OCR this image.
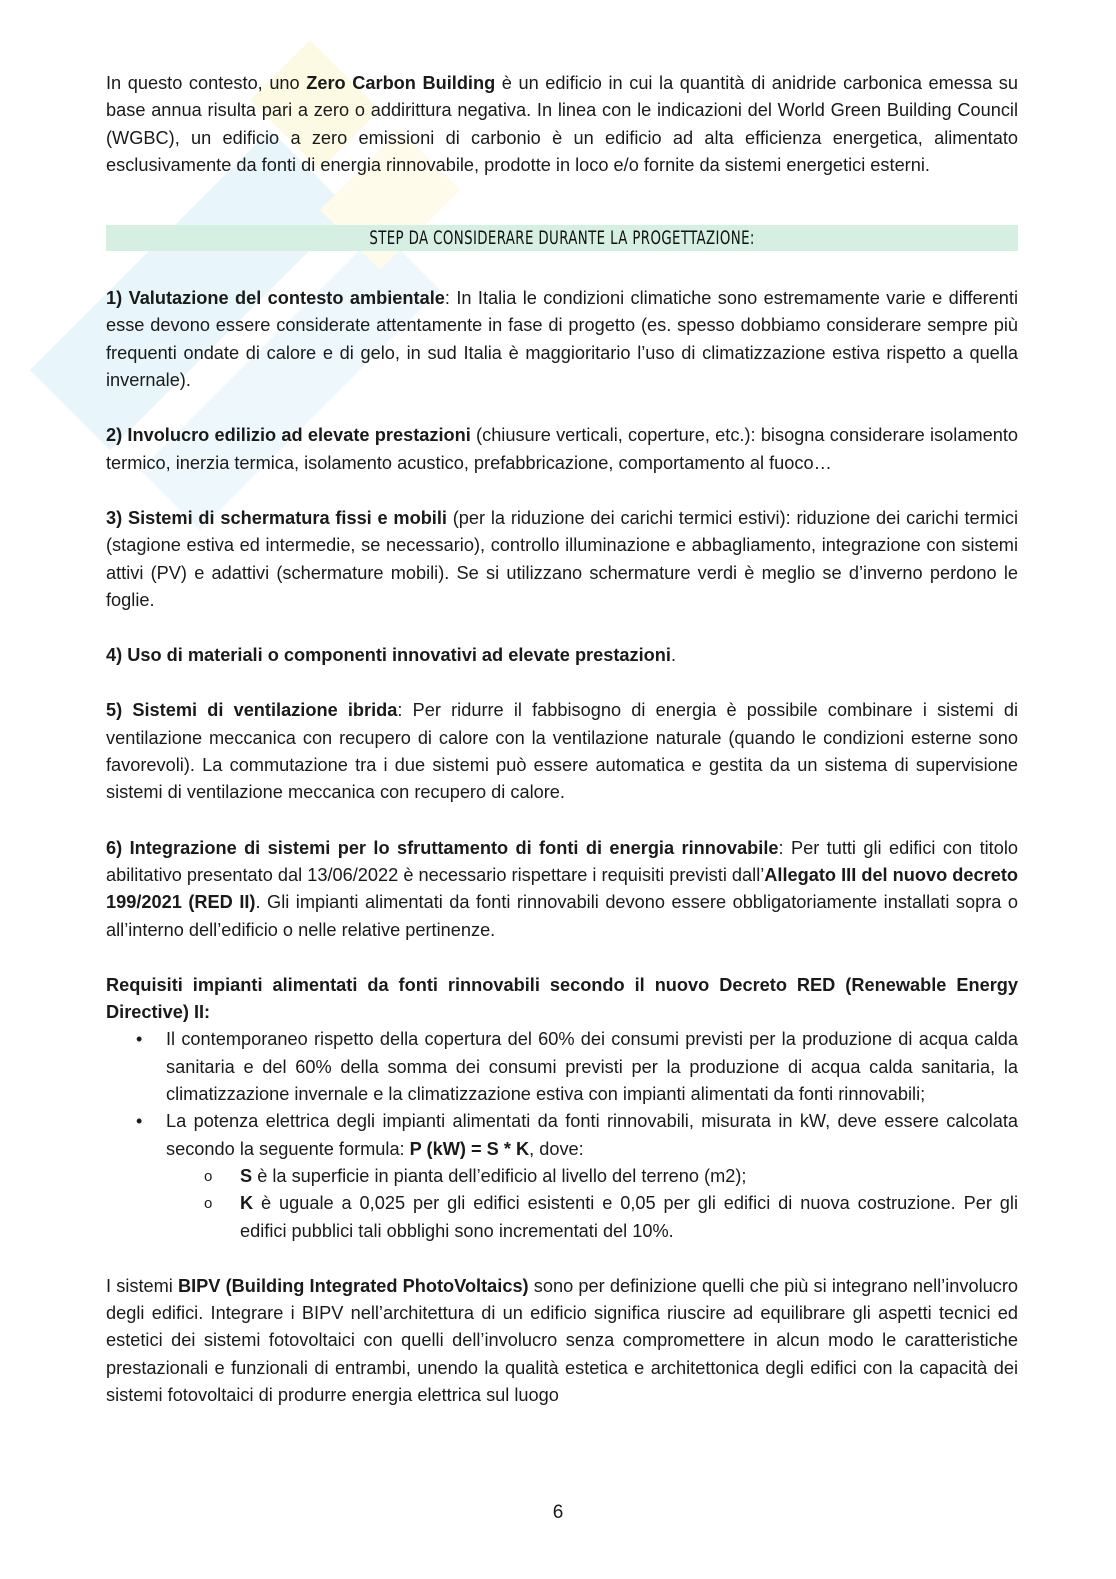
In questo contesto, uno Zero Carbon Building è un edificio in cui la quantità di anidride carbonica emessa su base annua risulta pari a zero o addirittura negativa. In linea con le indicazioni del World Green Building Council (WGBC), un edificio a zero emissioni di carbonio è un edificio ad alta efficienza energetica, alimentato esclusivamente da fonti di energia rinnovabile, prodotte in loco e/o fornite da sistemi energetici esterni.

STEP DA CONSIDERARE DURANTE LA PROGETTAZIONE:

1) Valutazione del contesto ambientale: In Italia le condizioni climatiche sono estremamente varie e differenti esse devono essere considerate attentamente in fase di progetto (es. spesso dobbiamo considerare sempre più frequenti ondate di calore e di gelo, in sud Italia è maggioritario l’uso di climatizzazione estiva rispetto a quella invernale).

2) Involucro edilizio ad elevate prestazioni (chiusure verticali, coperture, etc.): bisogna considerare isolamento termico, inerzia termica, isolamento acustico, prefabbricazione, comportamento al fuoco…

3) Sistemi di schermatura fissi e mobili (per la riduzione dei carichi termici estivi): riduzione dei carichi termici (stagione estiva ed intermedie, se necessario), controllo illuminazione e abbagliamento, integrazione con sistemi attivi (PV) e adattivi (schermature mobili). Se si utilizzano schermature verdi è meglio se d’inverno perdono le foglie.

4) Uso di materiali o componenti innovativi ad elevate prestazioni.

5) Sistemi di ventilazione ibrida: Per ridurre il fabbisogno di energia è possibile combinare i sistemi di ventilazione meccanica con recupero di calore con la ventilazione naturale (quando le condizioni esterne sono favorevoli). La commutazione tra i due sistemi può essere automatica e gestita da un sistema di supervisione sistemi di ventilazione meccanica con recupero di calore.

6) Integrazione di sistemi per lo sfruttamento di fonti di energia rinnovabile: Per tutti gli edifici con titolo abilitativo presentato dal 13/06/2022 è necessario rispettare i requisiti previsti dall’Allegato III del nuovo decreto 199/2021 (RED II). Gli impianti alimentati da fonti rinnovabili devono essere obbligatoriamente installati sopra o all’interno dell’edificio o nelle relative pertinenze.

Requisiti impianti alimentati da fonti rinnovabili secondo il nuovo Decreto RED (Renewable Energy Directive) II:

• Il contemporaneo rispetto della copertura del 60% dei consumi previsti per la produzione di acqua calda sanitaria e del 60% della somma dei consumi previsti per la produzione di acqua calda sanitaria, la climatizzazione invernale e la climatizzazione estiva con impianti alimentati da fonti rinnovabili;
• La potenza elettrica degli impianti alimentati da fonti rinnovabili, misurata in kW, deve essere calcolata secondo la seguente formula: P (kW) = S * K, dove:
o S è la superficie in pianta dell’edificio al livello del terreno (m2);
o K è uguale a 0,025 per gli edifici esistenti e 0,05 per gli edifici di nuova costruzione. Per gli edifici pubblici tali obblighi sono incrementati del 10%.

I sistemi BIPV (Building Integrated PhotoVoltaics) sono per definizione quelli che più si integrano nell’involucro degli edifici. Integrare i BIPV nell’architettura di un edificio significa riuscire ad equilibrare gli aspetti tecnici ed estetici dei sistemi fotovoltaici con quelli dell’involucro senza compromettere in alcun modo le caratteristiche prestazionali e funzionali di entrambi, unendo la qualità estetica e architettonica degli edifici con la capacità dei sistemi fotovoltaici di produrre energia elettrica sul luogo

6
